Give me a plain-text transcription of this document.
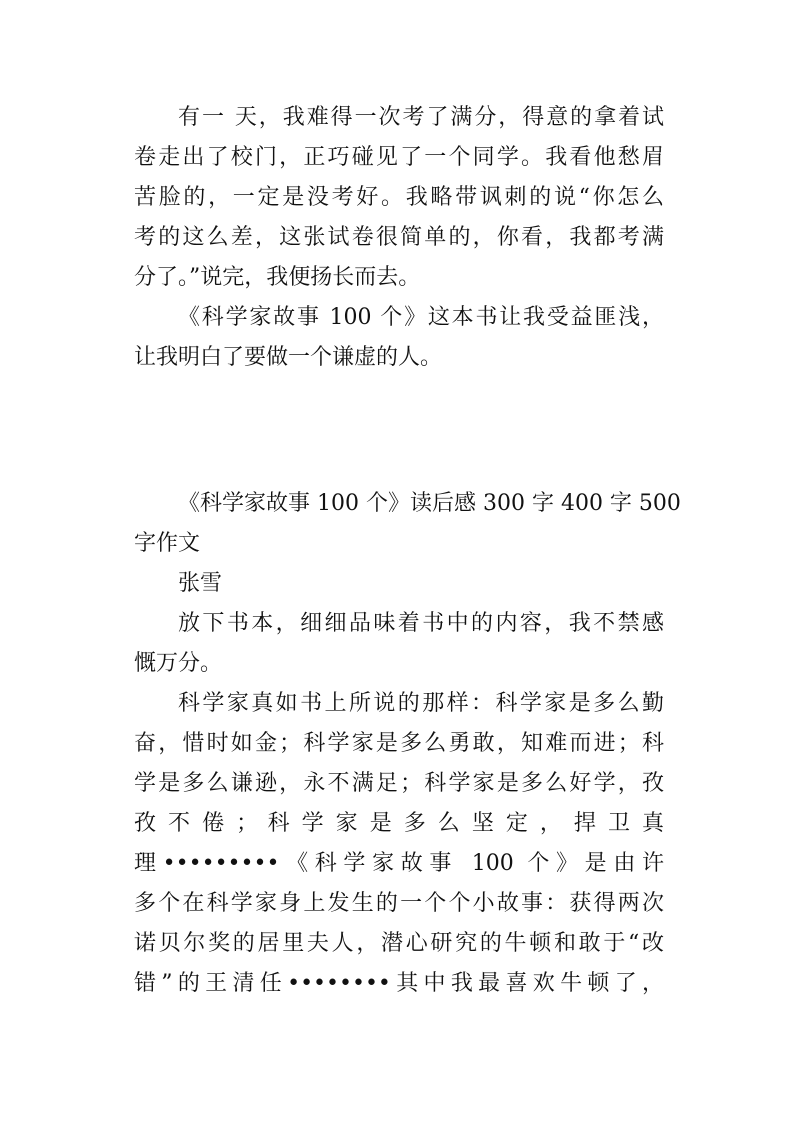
有一 天，我难得一次考了满分，得意的拿着试
卷走出了校门，正巧碰见了一个同学。我看他愁眉
苦脸的，一定是没考好。我略带讽刺的说“你怎么
考的这么差，这张试卷很简单的，你看，我都考满
分了。”说完，我便扬长而去。
《科学家故事 100 个》这本书让我受益匪浅，
让我明白了要做一个谦虚的人。
《科学家故事 100 个》读后感 300 字 400 字 500
字作文
张雪
放下书本，细细品味着书中的内容，我不禁感
慨万分。
科学家真如书上所说的那样：科学家是多么勤
奋，惜时如金；科学家是多么勇敢，知难而进；科
学是多么谦逊，永不满足；科学家是多么好学，孜
孜 不 倦 ； 科 学 家 是 多 么 坚 定 ， 捍 卫 真
理•••••••••《科学家故事 100 个》是由许
多个在科学家身上发生的一个个小故事：获得两次
诺贝尔奖的居里夫人，潜心研究的牛顿和敢于“改
错”的王清任••••••••其中我最喜欢牛顿了，
